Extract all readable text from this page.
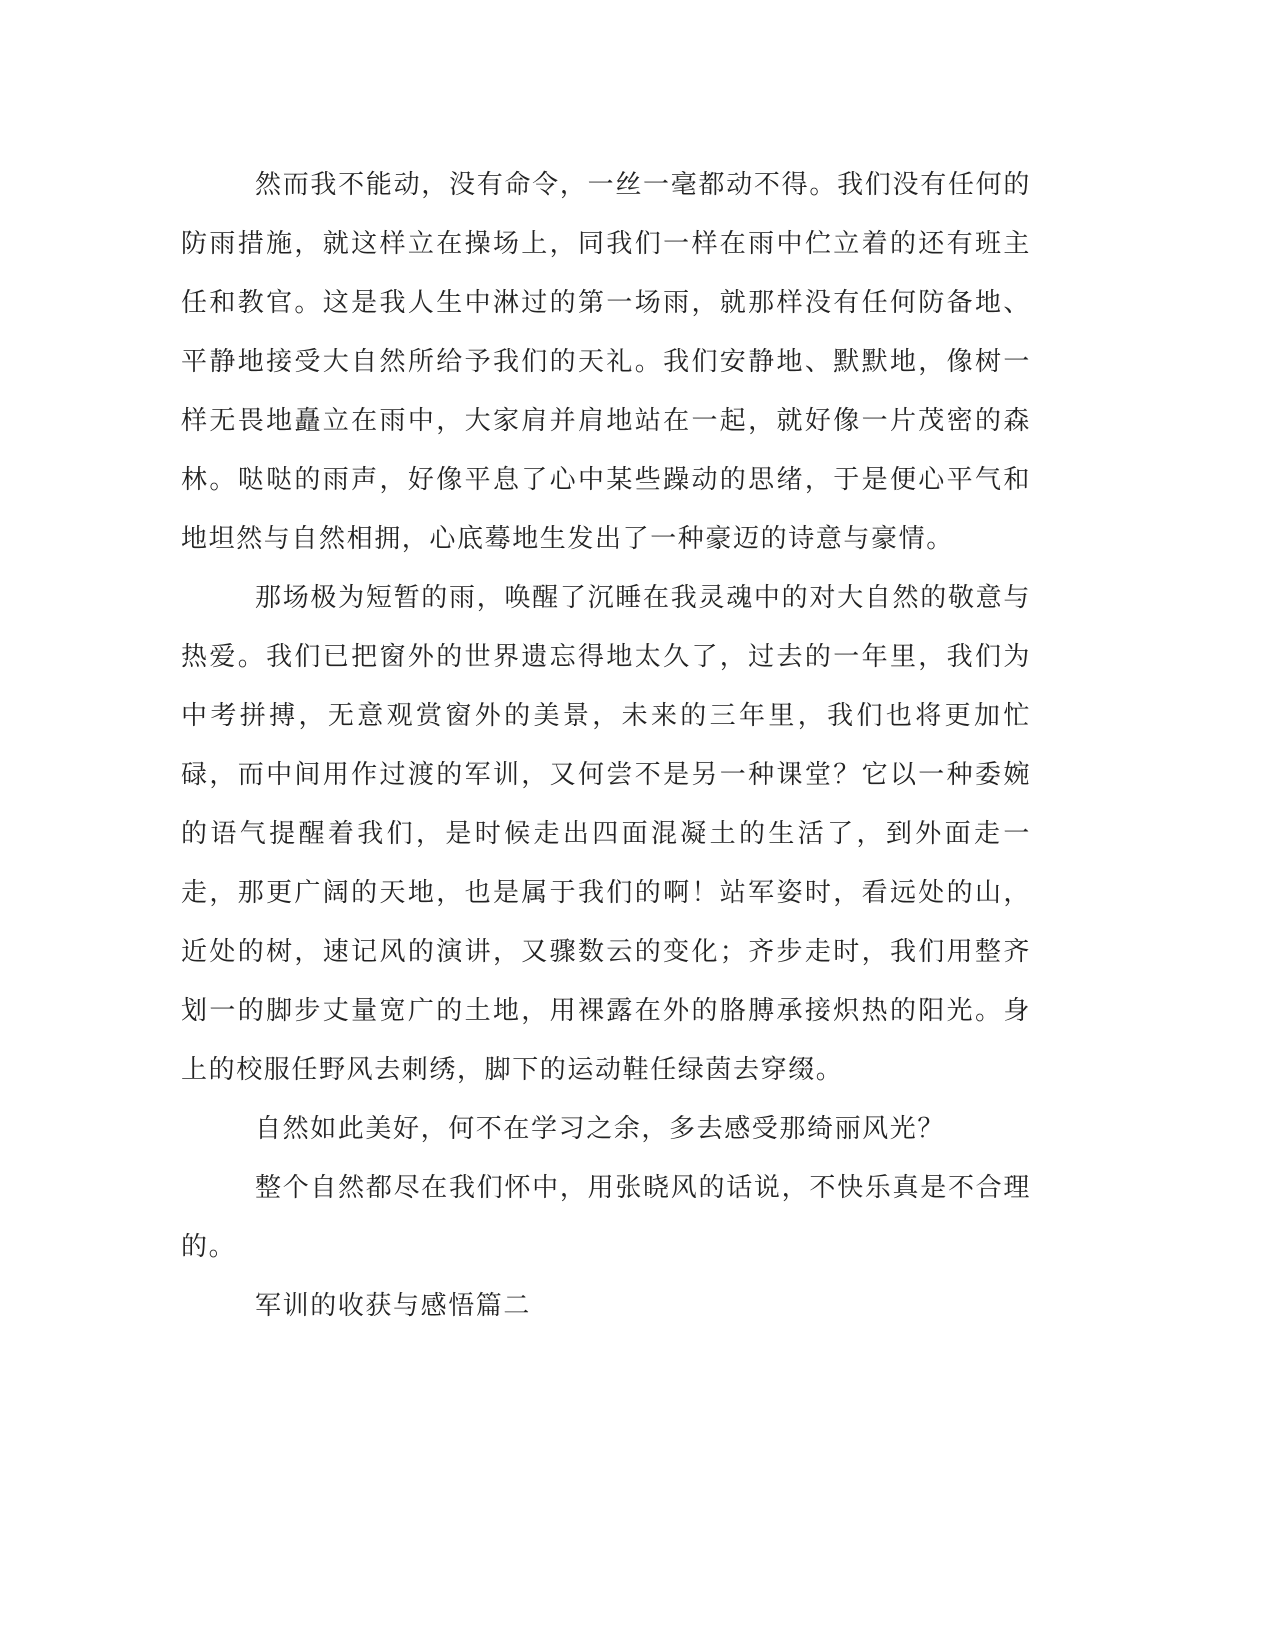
然而我不能动，没有命令，一丝一毫都动不得。我们没有任何的防雨措施，就这样立在操场上，同我们一样在雨中伫立着的还有班主任和教官。这是我人生中淋过的第一场雨，就那样没有任何防备地、平静地接受大自然所给予我们的天礼。我们安静地、默默地，像树一样无畏地矗立在雨中，大家肩并肩地站在一起，就好像一片茂密的森林。哒哒的雨声，好像平息了心中某些躁动的思绪，于是便心平气和地坦然与自然相拥，心底蓦地生发出了一种豪迈的诗意与豪情。

那场极为短暂的雨，唤醒了沉睡在我灵魂中的对大自然的敬意与热爱。我们已把窗外的世界遗忘得地太久了，过去的一年里，我们为中考拼搏，无意观赏窗外的美景，未来的三年里，我们也将更加忙碌，而中间用作过渡的军训，又何尝不是另一种课堂？它以一种委婉的语气提醒着我们，是时候走出四面混凝土的生活了，到外面走一走，那更广阔的天地，也是属于我们的啊！站军姿时，看远处的山，近处的树，速记风的演讲，又骤数云的变化；齐步走时，我们用整齐划一的脚步丈量宽广的土地，用裸露在外的胳膊承接炽热的阳光。身上的校服任野风去刺绣，脚下的运动鞋任绿茵去穿缀。

自然如此美好，何不在学习之余，多去感受那绮丽风光？

整个自然都尽在我们怀中，用张晓风的话说，不快乐真是不合理的。

军训的收获与感悟篇二
